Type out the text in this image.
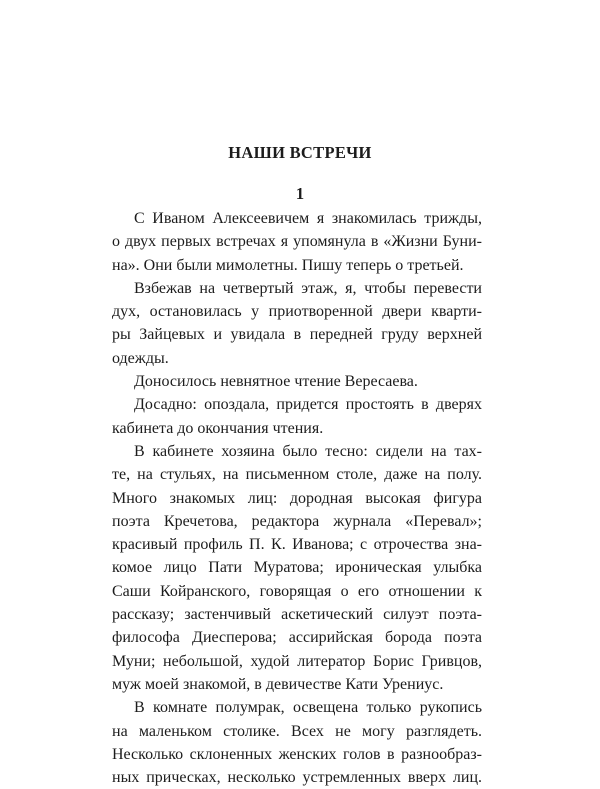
НАШИ ВСТРЕЧИ
1
С Иваном Алексеевичем я знакомилась трижды,
о двух первых встречах я упомянула в «Жизни Буни-
на». Они были мимолетны. Пишу теперь о третьей.
Взбежав на четвертый этаж, я, чтобы перевести
дух, остановилась у приотворенной двери кварти-
ры Зайцевых и увидала в передней груду верхней
одежды.
Доносилось невнятное чтение Вересаева.
Досадно: опоздала, придется простоять в дверях
кабинета до окончания чтения.
В кабинете хозяина было тесно: сидели на тах-
те, на стульях, на письменном столе, даже на полу.
Много знакомых лиц: дородная высокая фигура
поэта Кречетова, редактора журнала «Перевал»;
красивый профиль П. К. Иванова; с отрочества зна-
комое лицо Пати Муратова; ироническая улыбка
Саши Койранского, говорящая о его отношении к
рассказу; застенчивый аскетический силуэт поэта-
философа Диесперова; ассирийская борода поэта
Муни; небольшой, худой литератор Борис Гривцов,
муж моей знакомой, в девичестве Кати Урениус.
В комнате полумрак, освещена только рукопись
на маленьком столике. Всех не могу разглядеть.
Несколько склоненных женских голов в разнообраз-
ных прическах, несколько устремленных вверх лиц.
